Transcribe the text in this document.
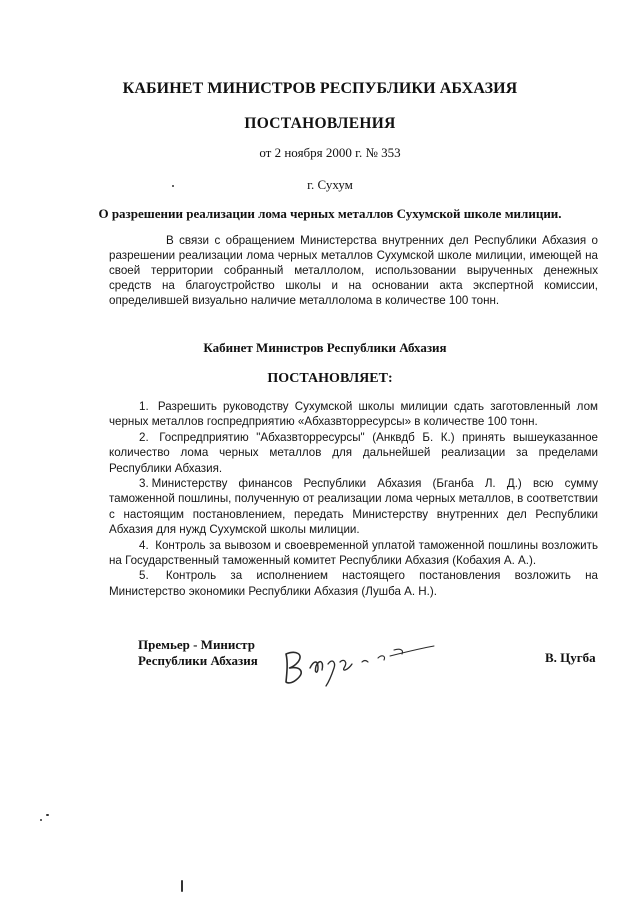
КАБИНЕТ МИНИСТРОВ РЕСПУБЛИКИ АБХАЗИЯ
ПОСТАНОВЛЕНИЯ
от 2 ноября 2000 г. № 353
г. Сухум
О разрешении реализации лома черных металлов Сухумской школе милиции.
В связи с обращением Министерства внутренних дел Республики Абхазия о разрешении реализации лома черных металлов Сухумской школе милиции, имеющей на своей территории собранный металлолом, использовании вырученных денежных средств на благоустройство школы и на основании акта экспертной комиссии, определившей визуально наличие металлолома в количестве 100 тонн.
Кабинет Министров Республики Абхазия
ПОСТАНОВЛЯЕТ:
1. Разрешить руководству Сухумской школы милиции сдать заготовленный лом черных металлов госпредприятию «Абхазвторресурсы» в количестве 100 тонн.
2. Госпредприятию "Абхазвторресурсы" (Анквдб Б. К.) принять вышеуказанное количество лома черных металлов для дальнейшей реализации за пределами Республики Абхазия.
3. Министерству финансов Республики Абхазия (Бганба Л. Д.) всю сумму таможенной пошлины, полученную от реализации лома черных металлов, в соответствии с настоящим постановлением, передать Министерству внутренних дел Республики Абхазия для нужд Сухумской школы милиции.
4. Контроль за вывозом и своевременной уплатой таможенной пошлины возложить на Государственный таможенный комитет Республики Абхазия (Кобахия А. А.).
5. Контроль за исполнением настоящего постановления возложить на Министерство экономики Республики Абхазия (Лушба А. Н.).
Премьер - Министр
Республики Абхазия	В. Цугба
